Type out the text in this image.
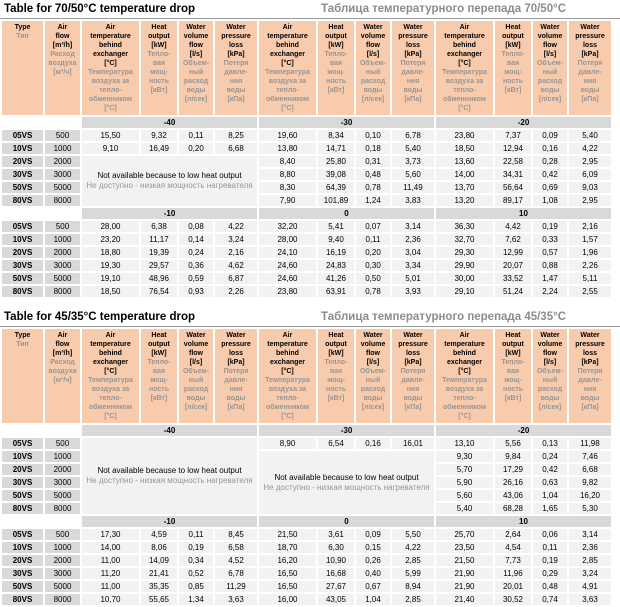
Table for 70/50°C temperature drop	Таблица температурного перепада 70/50°C
Type
Тип

Air
flow
[m³/h]
Расход
воздуха
[м³/ч]

Air
temperature
behind
exchanger
[°C]
Температура
воздуха за
тепло-
обменником
[°C]

Heat
output
[kW]
Тепло-
вая
мощ-
ность
[кВт]

Water
volume
flow
[l/s]
Объем-
ный
расход
воды
[л/сек]

Water
pressure
loss
[kPa]
Потеря
давле-
ния
воды
[кПа]

Air
temperature
behind
exchanger
[°C]
Температура
воздуха за
тепло-
обменником
[°C]

Heat
output
[kW]
Тепло-
вая
мощ-
ность
[кВт]

Water
volume
flow
[l/s]
Объем-
ный
расход
воды
[л/сек]

Water
pressure
loss
[kPa]
Потеря
давле-
ния
воды
[кПа]

Air
temperature
behind
exchanger
[°C]
Температура
воздуха за
тепло-
обменником
[°C]

Heat
output
[kW]
Тепло-
вая
мощ-
ность
[кВт]

Water
volume
flow
[l/s]
Объем-
ный
расход
воды
[л/сек]

Water
pressure
loss
[kPa]
Потеря
давле-
ния
воды
[кПа]

		-40				-30				-20			
05VS	500	15,50	9,32	0,11	8,25	19,60	8,34	0,10	6,78	23,80	7,37	0,09	5,40
10VS	1000	9,10	16,49	0,20	6,68	13,80	14,71	0,18	5,40	18,50	12,94	0,16	4,22
20VS	2000	Not available because to low heat output
Не доступно - низкая мощность нагревателя				8,40	25,80	0,31	3,73	13,60	22,58	0,28	2,95
30VS	3000					8,80	39,08	0,48	5,60	14,00	34,31	0,42	6,09
50VS	5000					8,30	64,39	0,78	11,49	13,70	56,64	0,69	9,03
80VS	8000					7,90	101,89	1,24	3,83	13,20	89,17	1,08	2,95
		-10				0				10			
05VS	500	28,00	6,38	0,08	4,22	32,20	5,41	0,07	3,14	36,30	4,42	0,19	2,16
10VS	1000	23,20	11,17	0,14	3,24	28,00	9,40	0,11	2,36	32,70	7,62	0,33	1,57
20VS	2000	18,80	19,39	0,24	2,16	24,10	16,19	0,20	3,04	29,30	12,99	0,57	1,96
30VS	3000	19,30	29,57	0,36	4,62	24,60	24,83	0,30	3,34	29,90	20,07	0,88	2,26
50VS	5000	19,10	48,96	0,59	6,87	24,60	41,26	0,50	5,01	30,00	33,52	1,47	5,11
80VS	8000	18,50	76,54	0,93	2,26	23,80	63,91	0,78	3,93	29,10	51,24	2,24	2,55
Table for 45/35°C temperature drop	Таблица температурного перепада 45/35°C
Type
Тип

Air
flow
[m³/h]
Расход
воздуха
[м³/ч]

Air
temperature
behind
exchanger
[°C]
Температура
воздуха за
тепло-
обменником
[°C]

Heat
output
[kW]
Тепло-
вая
мощ-
ность
[кВт]

Water
volume
flow
[l/s]
Объем-
ный
расход
воды
[л/сек]

Water
pressure
loss
[kPa]
Потеря
давле-
ния
воды
[кПа]

Air
temperature
behind
exchanger
[°C]
Температура
воздуха за
тепло-
обменником
[°C]

Heat
output
[kW]
Тепло-
вая
мощ-
ность
[кВт]

Water
volume
flow
[l/s]
Объем-
ный
расход
воды
[л/сек]

Water
pressure
loss
[kPa]
Потеря
давле-
ния
воды
[кПа]

Air
temperature
behind
exchanger
[°C]
Температура
воздуха за
тепло-
обменником
[°C]

Heat
output
[kW]
Тепло-
вая
мощ-
ность
[кВт]

Water
volume
flow
[l/s]
Объем-
ный
расход
воды
[л/сек]

Water
pressure
loss
[kPa]
Потеря
давле-
ния
воды
[кПа]

		-40				-30				-20			
05VS	500	Not available because to low heat output
Не доступно - низкая мощность нагревателя				8,90	6,54	0,16	16,01	13,10	5,56	0,13	11,98
10VS	1000					Not available because to low heat output
Не доступно - низкая мощность нагревателя				9,30	9,84	0,24	7,46
20VS	2000									5,70	17,29	0,42	6,68
30VS	3000									5,90	26,16	0,63	9,82
50VS	5000									5,60	43,06	1,04	16,20
80VS	8000									5,40	68,28	1,65	5,30
		-10				0				10			
05VS	500	17,30	4,59	0,11	8,45	21,50	3,61	0,09	5,50	25,70	2,64	0,06	3,14
10VS	1000	14,00	8,06	0,19	6,58	18,70	6,30	0,15	4,22	23,50	4,54	0,11	2,36
20VS	2000	11,00	14,09	0,34	4,52	16,20	10,90	0,26	2,85	21,50	7,73	0,19	2,85
30VS	3000	11,20	21,41	0,52	6,78	16,50	16,68	0,40	5,99	21,90	11,96	0,29	3,24
50VS	5000	11,00	35,35	0,85	11,29	16,50	27,67	0,67	8,94	21,90	20,01	0,48	4,91
80VS	8000	10,70	55,65	1,34	3,63	16,00	43,05	1,04	2,85	21,40	30,52	0,74	3,63
